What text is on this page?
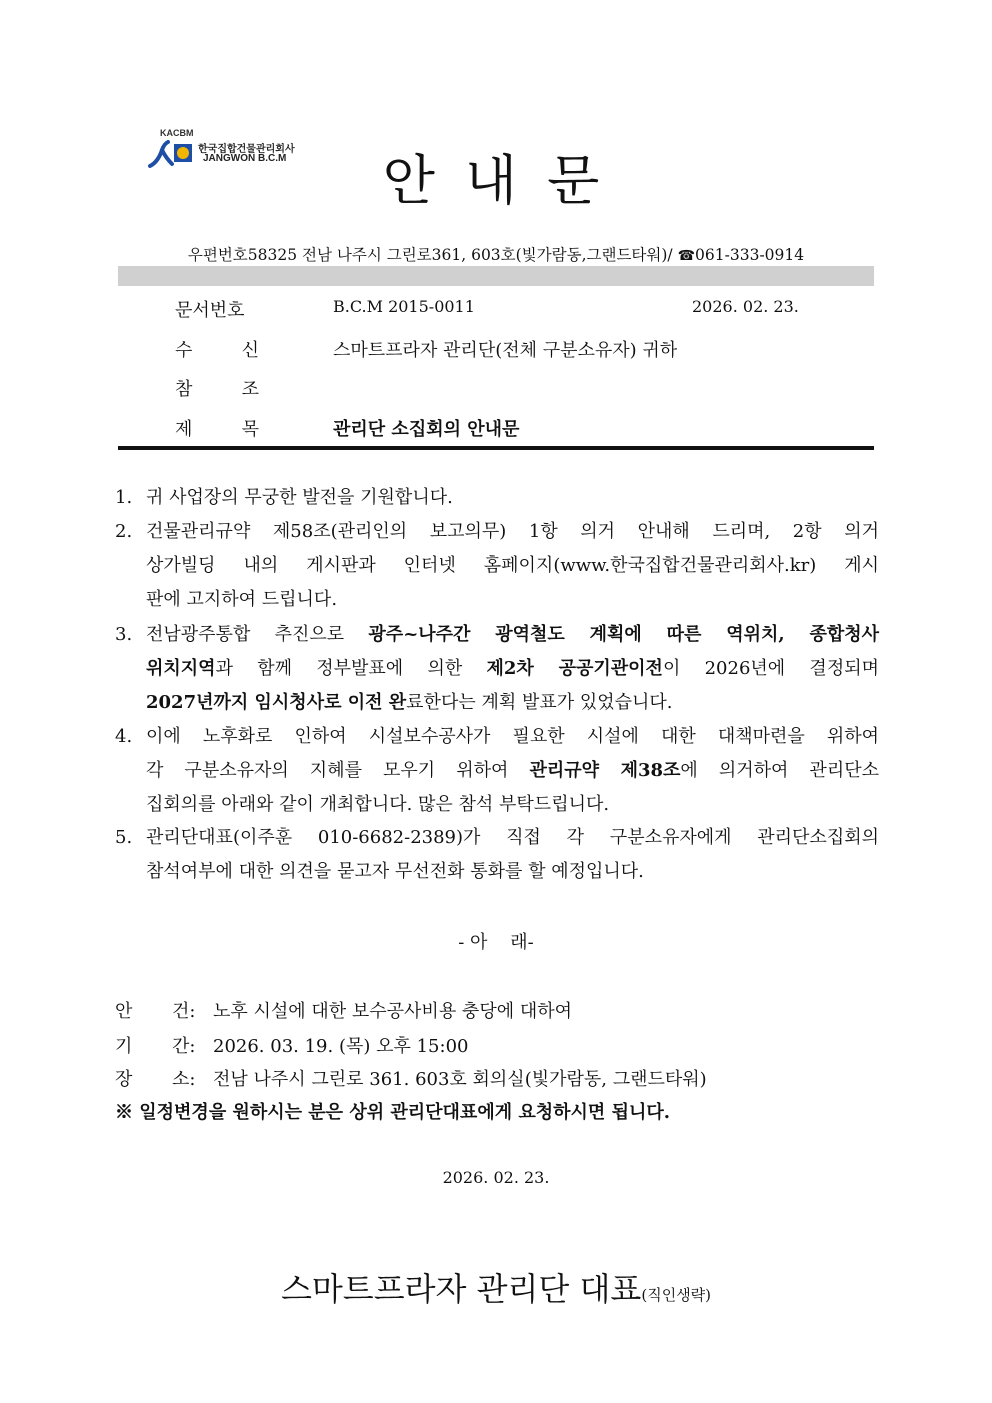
KACBM
한국집합건물관리회사
JANGWON B.C.M	안내문
우편번호58325 전남 나주시 그린로361, 603호(빛가람동,그랜드타워)/ ☎061-333-0914
문서번호	B.C.M 2015-0011	2026. 02. 23.
수	신	스마트프라자 관리단(전체 구분소유자) 귀하
참	조
제	목	관리단 소집회의 안내문
1. 귀 사업장의 무궁한 발전을 기원합니다.
2. 건물관리규약 제58조(관리인의 보고의무) 1항 의거 안내해 드리며, 2항 의거
상가빌딩 내의 게시판과 인터넷 홈페이지(www.한국집합건물관리회사.kr) 게시
판에 고지하여 드립니다.
3. 전남광주통합 추진으로 광주~나주간 광역철도 계획에 따른 역위치, 종합청사
위치지역과 함께 정부발표에 의한 제2차 공공기관이전이 2026년에 결정되며
2027년까지 임시청사로 이전 완료한다는 계획 발표가 있었습니다.
4. 이에 노후화로 인하여 시설보수공사가 필요한 시설에 대한 대책마련을 위하여
각 구분소유자의 지혜를 모우기 위하여 관리규약 제38조에 의거하여 관리단소
집회의를 아래와 같이 개최합니다. 많은 참석 부탁드립니다.
5. 관리단대표(이주훈 010-6682-2389)가 직접 각 구분소유자에게 관리단소집회의
참석여부에 대한 의견을 묻고자 무선전화 통화를 할 예정입니다.
- 아    래-
안 건: 노후 시설에 대한 보수공사비용 충당에 대하여
기 간: 2026. 03. 19. (목) 오후 15:00
장 소: 전남 나주시 그린로 361. 603호 회의실(빛가람동, 그랜드타워)
※ 일정변경을 원하시는 분은 상위 관리단대표에게 요청하시면 됩니다.
2026. 02. 23.
스마트프라자 관리단 대표(직인생략)
